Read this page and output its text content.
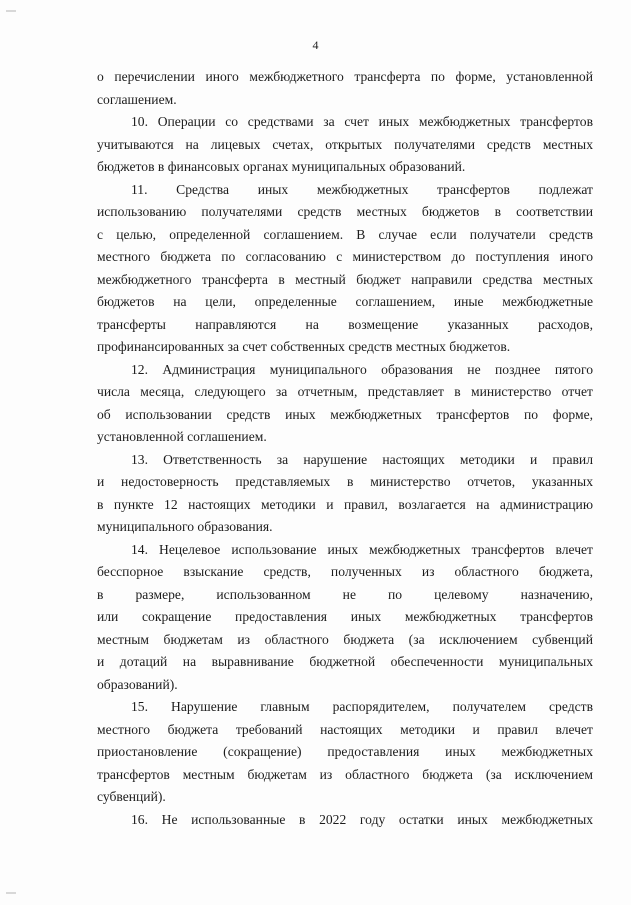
4
о перечислении иного межбюджетного трансферта по форме, установленной
соглашением.
10. Операции со средствами за счет иных межбюджетных трансфертов
учитываются на лицевых счетах, открытых получателями средств местных
бюджетов в финансовых органах муниципальных образований.
11. Средства иных межбюджетных трансфертов подлежат
использованию получателями средств местных бюджетов в соответствии
с целью, определенной соглашением. В случае если получатели средств
местного бюджета по согласованию с министерством до поступления иного
межбюджетного трансферта в местный бюджет направили средства местных
бюджетов на цели, определенные соглашением, иные межбюджетные
трансферты направляются на возмещение указанных расходов,
профинансированных за счет собственных средств местных бюджетов.
12. Администрация муниципального образования не позднее пятого
числа месяца, следующего за отчетным, представляет в министерство отчет
об использовании средств иных межбюджетных трансфертов по форме,
установленной соглашением.
13. Ответственность за нарушение настоящих методики и правил
и недостоверность представляемых в министерство отчетов, указанных
в пункте 12 настоящих методики и правил, возлагается на администрацию
муниципального образования.
14. Нецелевое использование иных межбюджетных трансфертов влечет
бесспорное взыскание средств, полученных из областного бюджета,
в размере, использованном не по целевому назначению,
или сокращение предоставления иных межбюджетных трансфертов
местным бюджетам из областного бюджета (за исключением субвенций
и дотаций на выравнивание бюджетной обеспеченности муниципальных
образований).
15. Нарушение главным распорядителем, получателем средств
местного бюджета требований настоящих методики и правил влечет
приостановление (сокращение) предоставления иных межбюджетных
трансфертов местным бюджетам из областного бюджета (за исключением
субвенций).
16. Не использованные в 2022 году остатки иных межбюджетных
